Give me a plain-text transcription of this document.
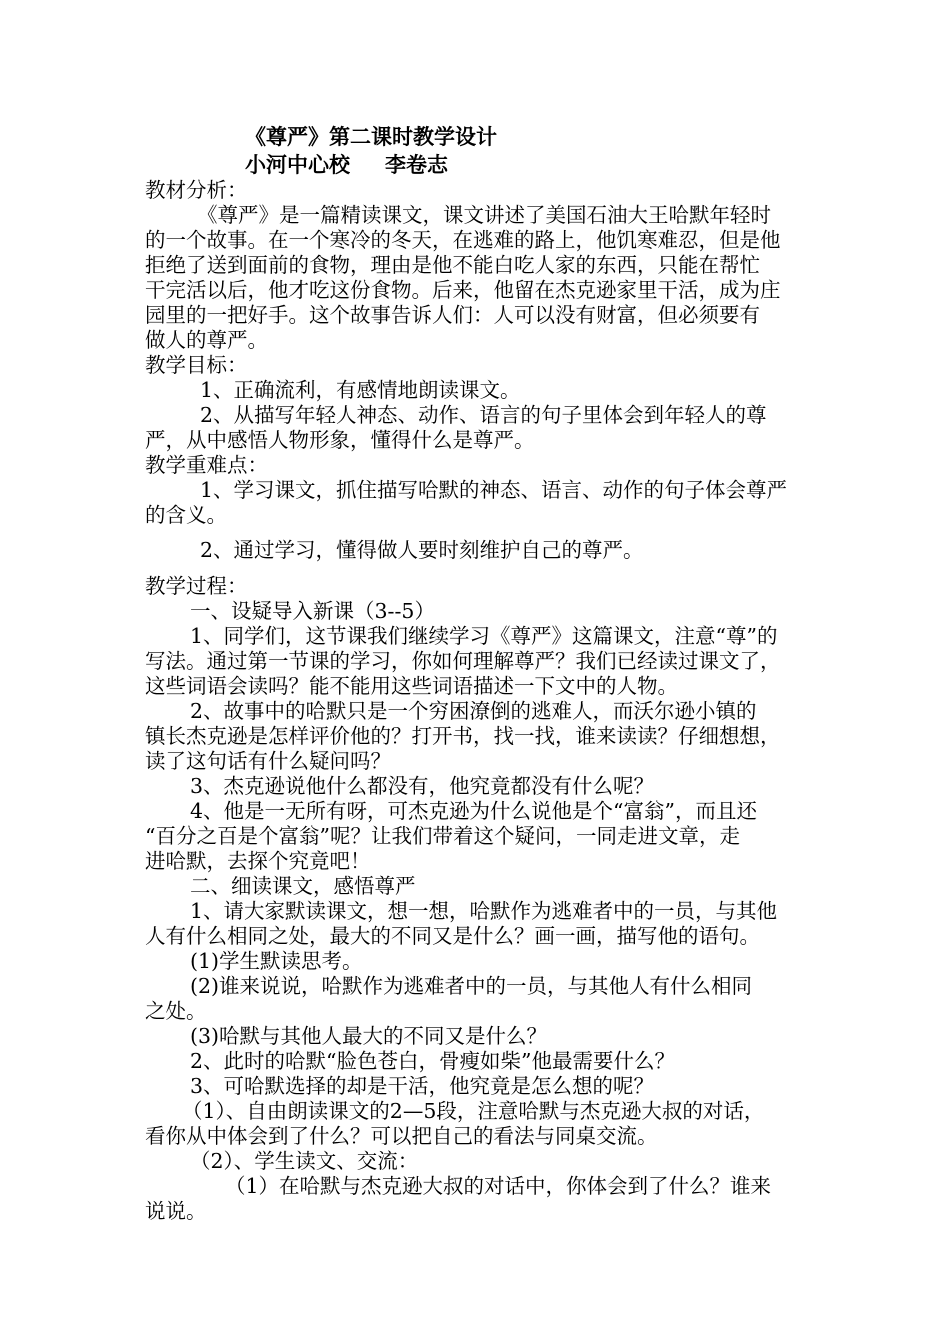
《尊严》第二课时教学设计
小河中心校	李卷志
教材分析：
《尊严》是一篇精读课文，课文讲述了美国石油大王哈默年轻时
的一个故事。在一个寒冷的冬天，在逃难的路上，他饥寒难忍，但是他
拒绝了送到面前的食物，理由是他不能白吃人家的东西，只能在帮忙
干完活以后，他才吃这份食物。后来，他留在杰克逊家里干活，成为庄
园里的一把好手。这个故事告诉人们：人可以没有财富，但必须要有
做人的尊严。
教学目标：
1、正确流利，有感情地朗读课文。
2、从描写年轻人神态、动作、语言的句子里体会到年轻人的尊
严，从中感悟人物形象，懂得什么是尊严。
教学重难点：
1、学习课文，抓住描写哈默的神态、语言、动作的句子体会尊严
的含义。
2、通过学习，懂得做人要时刻维护自己的尊严。
教学过程：
一、设疑导入新课（3--5）
1、同学们，这节课我们继续学习《尊严》这篇课文，注意“尊”的
写法。通过第一节课的学习，你如何理解尊严？我们已经读过课文了，
这些词语会读吗？能不能用这些词语描述一下文中的人物。
2、故事中的哈默只是一个穷困潦倒的逃难人，而沃尔逊小镇的
镇长杰克逊是怎样评价他的？打开书，找一找，谁来读读？仔细想想，
读了这句话有什么疑问吗？
3、杰克逊说他什么都没有，他究竟都没有什么呢？
4、他是一无所有呀，可杰克逊为什么说他是个“富翁”，而且还
“百分之百是个富翁”呢？让我们带着这个疑问，一同走进文章，走
进哈默，去探个究竟吧！
二、细读课文，感悟尊严
1、请大家默读课文，想一想，哈默作为逃难者中的一员，与其他
人有什么相同之处，最大的不同又是什么？画一画，描写他的语句。
(1)学生默读思考。
(2)谁来说说，哈默作为逃难者中的一员，与其他人有什么相同
之处。
(3)哈默与其他人最大的不同又是什么？
2、此时的哈默“脸色苍白，骨瘦如柴”他最需要什么？
3、可哈默选择的却是干活，他究竟是怎么想的呢？
（1）、自由朗读课文的2—5段，注意哈默与杰克逊大叔的对话，
看你从中体会到了什么？可以把自己的看法与同桌交流。
（2）、学生读文、交流：
（1）在哈默与杰克逊大叔的对话中，你体会到了什么？谁来
说说。
